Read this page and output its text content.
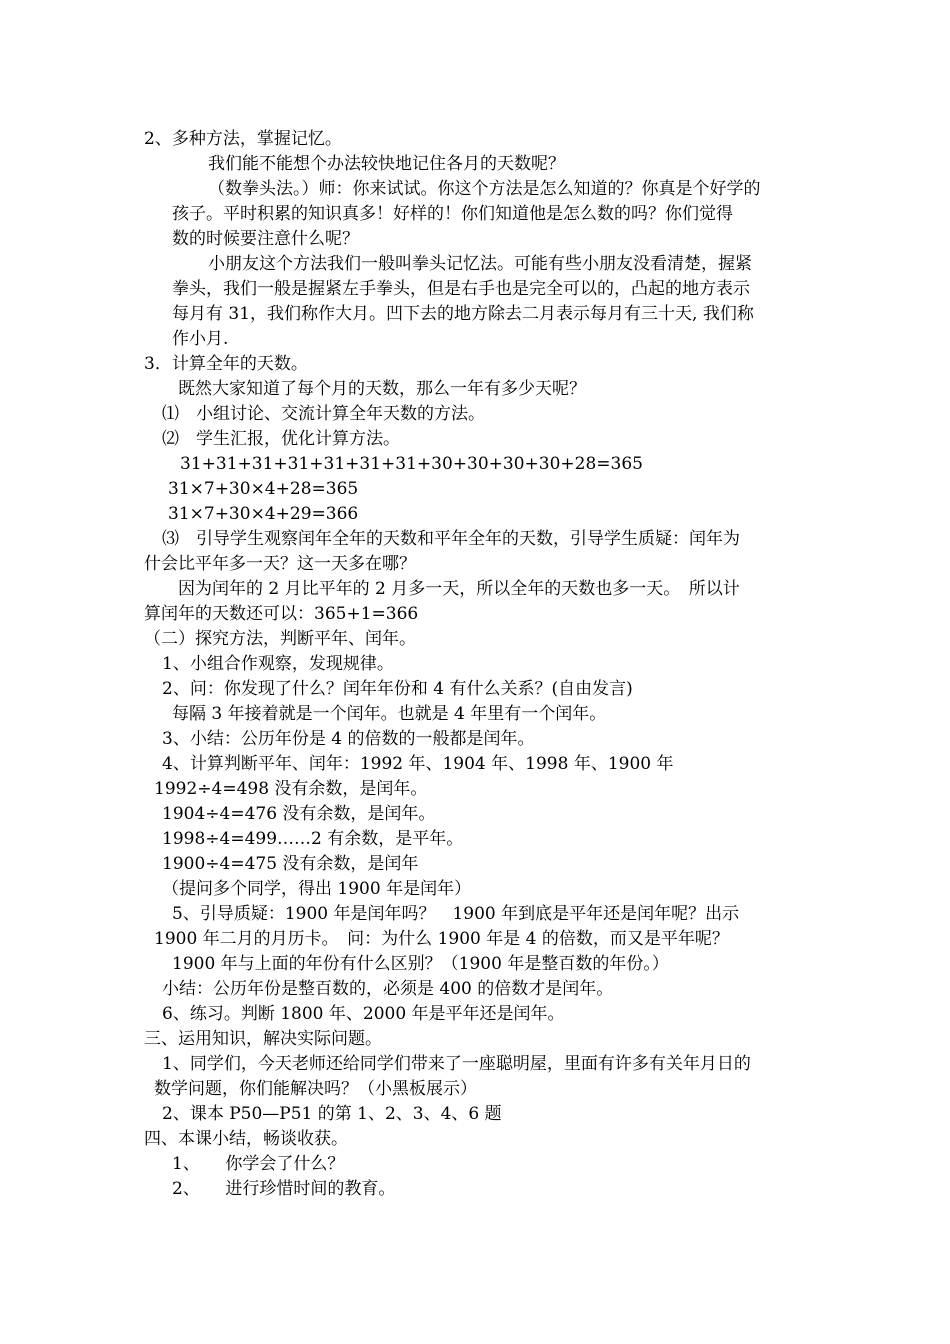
2、多种方法，掌握记忆。
我们能不能想个办法较快地记住各月的天数呢？
（数拳头法。）师：你来试试。你这个方法是怎么知道的？你真是个好学的
孩子。平时积累的知识真多！好样的！你们知道他是怎么数的吗？你们觉得
数的时候要注意什么呢？
小朋友这个方法我们一般叫拳头记忆法。可能有些小朋友没看清楚，握紧
拳头，我们一般是握紧左手拳头，但是右手也是完全可以的，凸起的地方表示
每月有 31，我们称作大月。凹下去的地方除去二月表示每月有三十天, 我们称
作小月.
3．计算全年的天数。
既然大家知道了每个月的天数，那么一年有多少天呢？
⑴　小组讨论、交流计算全年天数的方法。
⑵　学生汇报，优化计算方法。
31+31+31+31+31+31+31+30+30+30+30+28=365
31×7+30×4+28=365
31×7+30×4+29=366
⑶　引导学生观察闰年全年的天数和平年全年的天数，引导学生质疑：闰年为
什会比平年多一天？这一天多在哪？
因为闰年的 2 月比平年的 2 月多一天，所以全年的天数也多一天。　所以计
算闰年的天数还可以：365+1=366
（二）探究方法，判断平年、闰年。
1、小组合作观察，发现规律。
2、问：你发现了什么？闰年年份和 4 有什么关系？(自由发言)
每隔 3 年接着就是一个闰年。也就是 4 年里有一个闰年。
3、小结：公历年份是 4 的倍数的一般都是闰年。
4、计算判断平年、闰年：1992 年、1904 年、1998 年、1900 年
1992÷4=498 没有余数，是闰年。
1904÷4=476 没有余数，是闰年。
1998÷4=499……2 有余数，是平年。
1900÷4=475 没有余数，是闰年
（提问多个同学，得出 1900 年是闰年）
5、引导质疑：1900 年是闰年吗？　1900 年到底是平年还是闰年呢？出示
1900 年二月的月历卡。　问：为什么 1900 年是 4 的倍数，而又是平年呢？
1900 年与上面的年份有什么区别？（1900 年是整百数的年份。）
小结：公历年份是整百数的，必须是 400 的倍数才是闰年。
6、练习。判断 1800 年、2000 年是平年还是闰年。
三、运用知识，解决实际问题。
1、同学们，今天老师还给同学们带来了一座聪明屋，里面有许多有关年月日的
数学问题，你们能解决吗？（小黑板展示）
2、课本 P50—P51 的第 1、2、3、4、6 题
四、本课小结，畅谈收获。
1、　　你学会了什么？
2、　　进行珍惜时间的教育。
